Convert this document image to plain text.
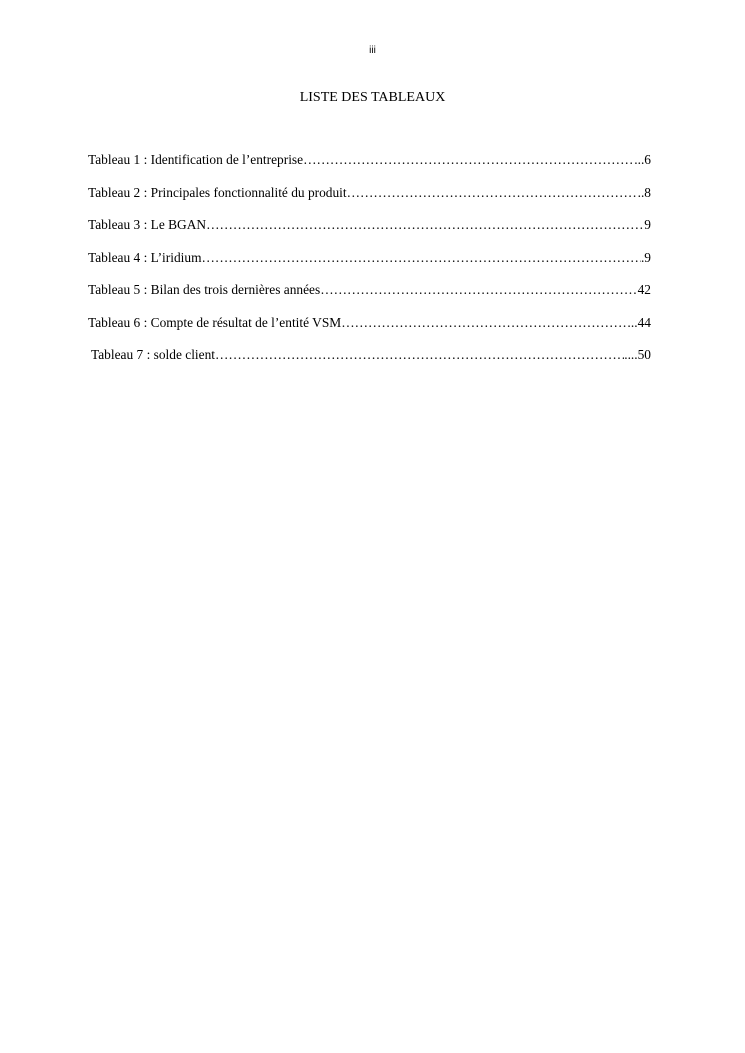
iii
LISTE DES TABLEAUX
Tableau 1 : Identification de l’entreprise ……………………………………………………………………………………………………………………………………………	...6
Tableau 2 : Principales fonctionnalité du produit ……………………………………………………………………………………………………………………………………………	..8
Tableau 3 : Le BGAN ……………………………………………………………………………………………………………………………………………	9
Tableau 4 : L’iridium ……………………………………………………………………………………………………………………………………………	.9
Tableau 5 : Bilan des trois dernières années ……………………………………………………………………………………………………………………………………………	42
Tableau 6 : Compte de résultat de l’entité VSM ……………………………………………………………………………………………………………………………………………	..44
Tableau 7 : solde client ……………………………………………………………………………………………………………………………………………	....50
